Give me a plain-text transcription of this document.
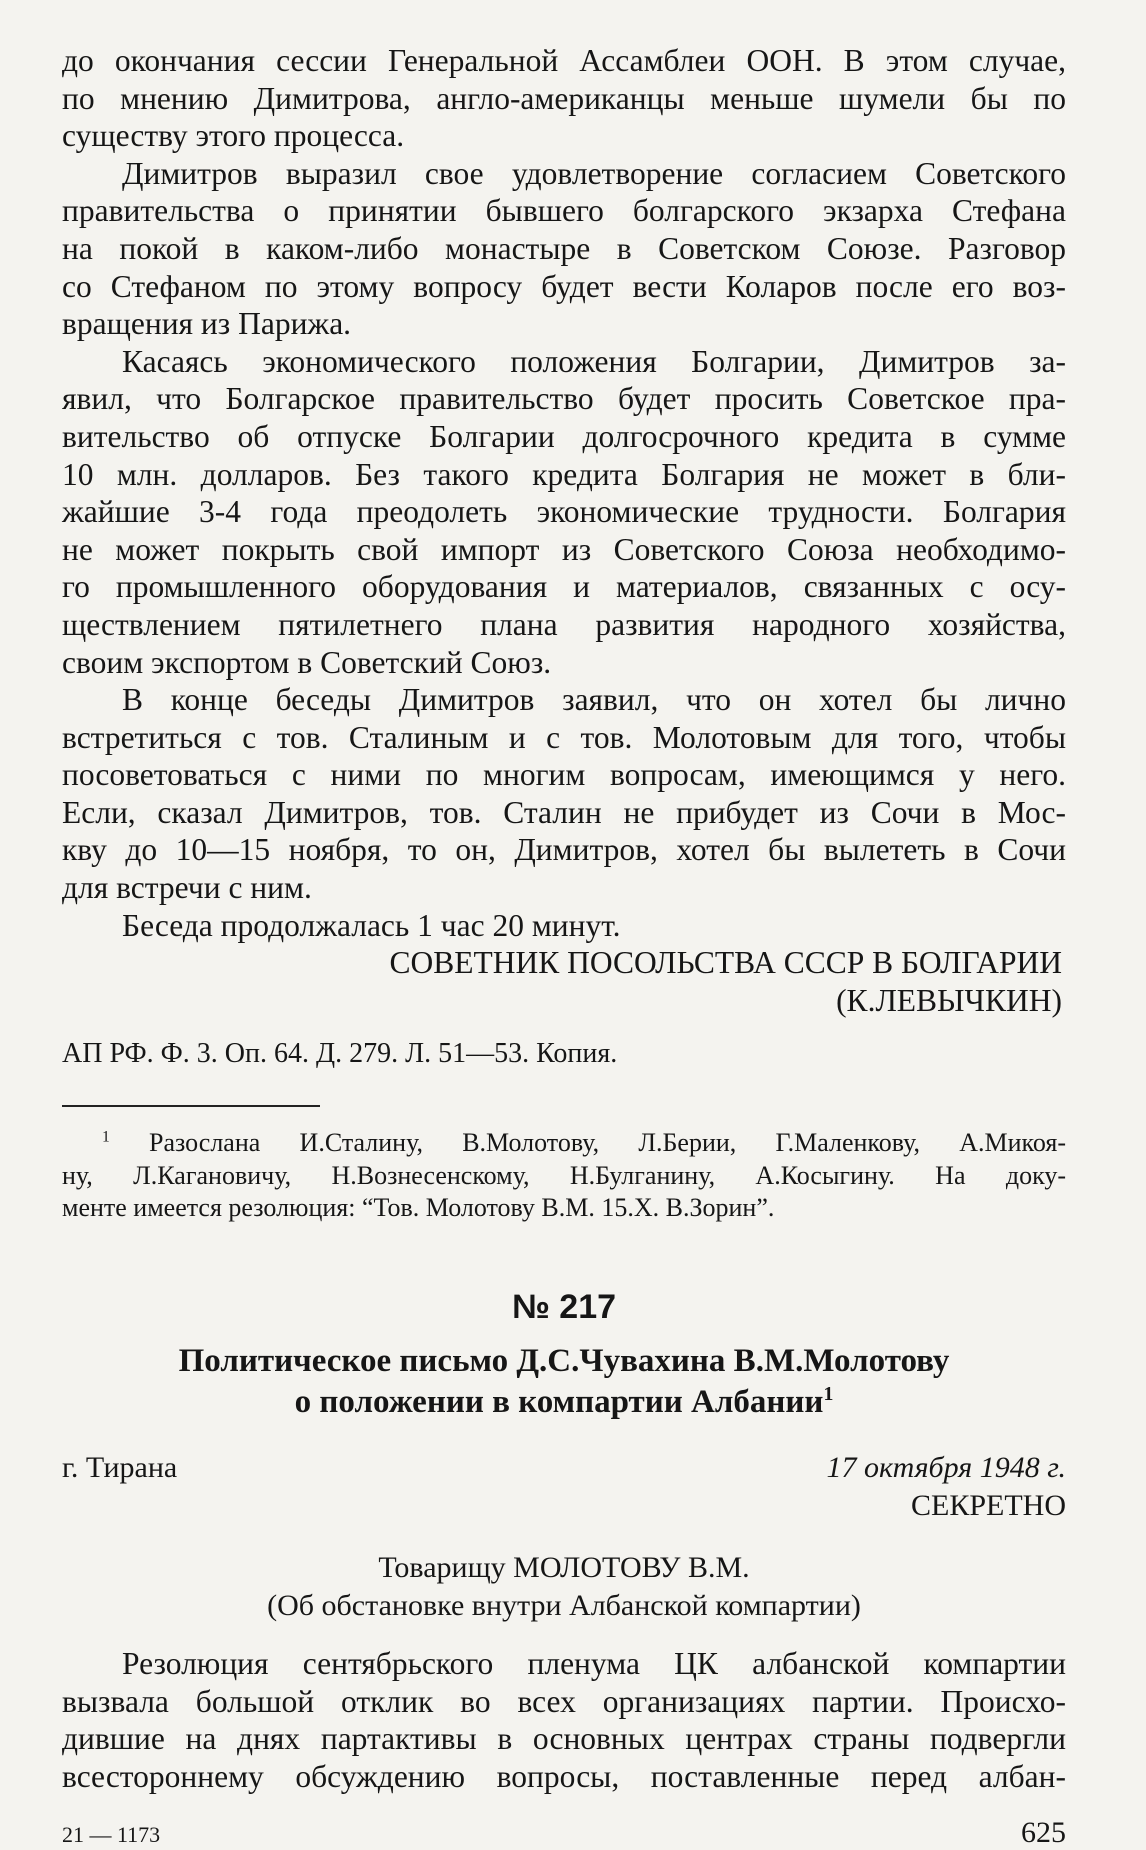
до окончания сессии Генеральной Ассамблеи ООН. В этом случае,

по мнению Димитрова, англо-американцы меньше шумели бы по

существу этого процесса.

Димитров выразил свое удовлетворение согласием Советского

правительства о принятии бывшего болгарского экзарха Стефана

на покой в каком-либо монастыре в Советском Союзе. Разговор

со Стефаном по этому вопросу будет вести Коларов после его воз-

вращения из Парижа.

Касаясь экономического положения Болгарии, Димитров за-

явил, что Болгарское правительство будет просить Советское пра-

вительство об отпуске Болгарии долгосрочного кредита в сумме

10 млн. долларов. Без такого кредита Болгария не может в бли-

жайшие 3-4 года преодолеть экономические трудности. Болгария

не может покрыть свой импорт из Советского Союза необходимо-

го промышленного оборудования и материалов, связанных с осу-

ществлением пятилетнего плана развития народного хозяйства,

своим экспортом в Советский Союз.

В конце беседы Димитров заявил, что он хотел бы лично

встретиться с тов. Сталиным и с тов. Молотовым для того, чтобы

посоветоваться с ними по многим вопросам, имеющимся у него.

Если, сказал Димитров, тов. Сталин не прибудет из Сочи в Мос-

кву до 10—15 ноября, то он, Димитров, хотел бы вылететь в Сочи

для встречи с ним.

Беседа продолжалась 1 час 20 минут.

СОВЕТНИК ПОСОЛЬСТВА СССР В БОЛГАРИИ

(К.ЛЕВЫЧКИН)

АП РФ. Ф. 3. Оп. 64. Д. 279. Л. 51—53. Копия.

$^1$ Разослана И.Сталину, В.Молотову, Л.Берии, Г.Маленкову, А.Микоя-

ну, Л.Кагановичу, Н.Вознесенскому, Н.Булганину, А.Косыгину. На доку-

менте имеется резолюция: “Тов. Молотову В.М. 15.Х. В.Зорин”.

№ 217

Политическое письмо Д.С.Чувахина В.М.Молотову

о положении в компартии Албании$^1$

г. Тирана	17 октября 1948 г.

СЕКРЕТНО

Товарищу МОЛОТОВУ В.М.

(Об обстановке внутри Албанской компартии)

Резолюция сентябрьского пленума ЦК албанской компартии

вызвала большой отклик во всех организациях партии. Происхо-

дившие на днях партактивы в основных центрах страны подвергли

всестороннему обсуждению вопросы, поставленные перед албан-

21 — 1173	625
